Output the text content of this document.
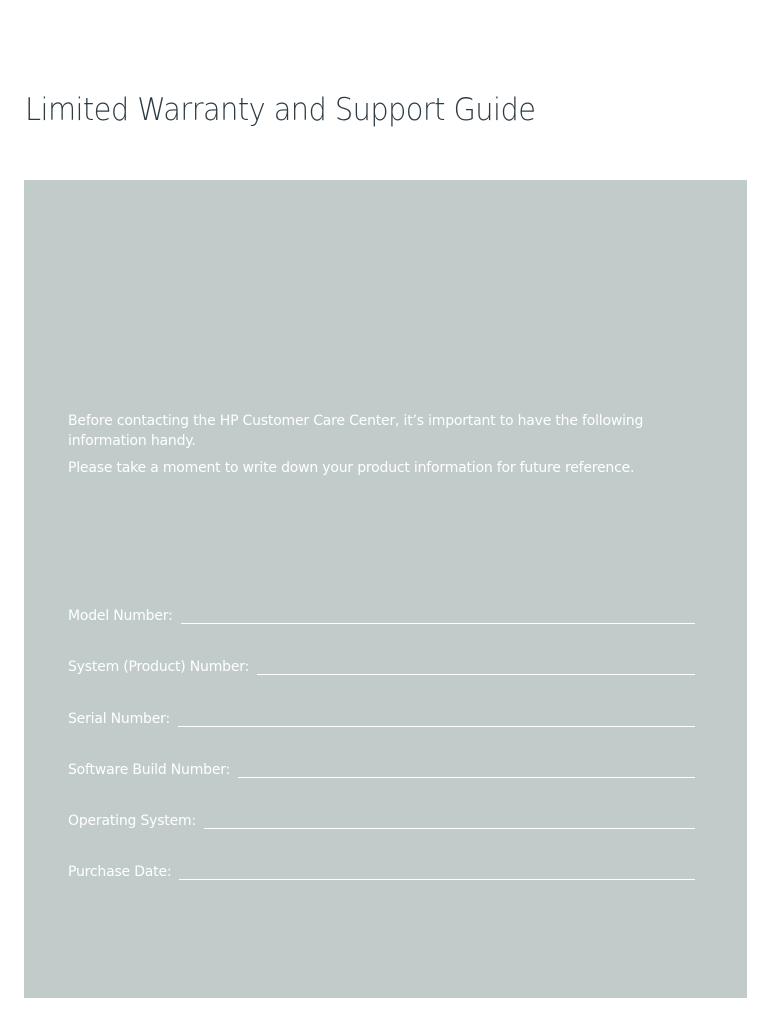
Limited Warranty and Support Guide

Before contacting the HP Customer Care Center, it’s important to have the following information handy.

Please take a moment to write down your product information for future reference.

Model Number:
System (Product) Number:
Serial Number:
Software Build Number:
Operating System:
Purchase Date:
